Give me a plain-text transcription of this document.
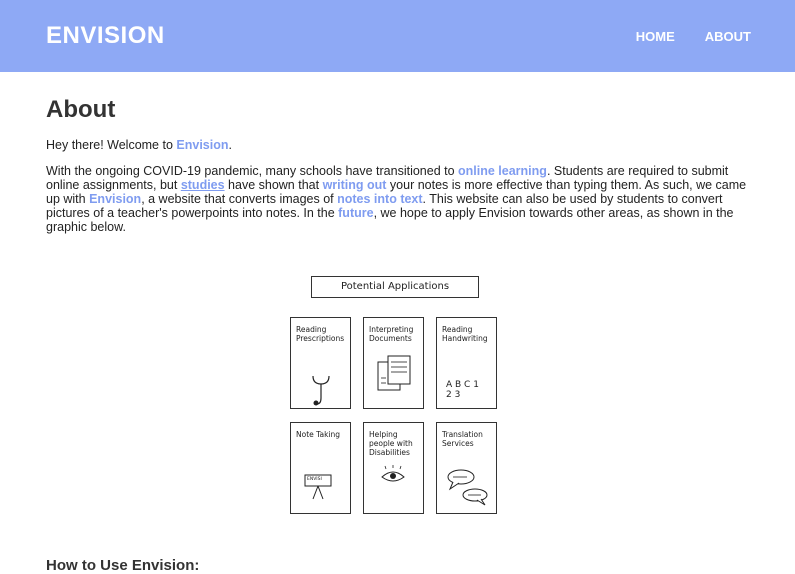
ENVISION	HOME ABOUT
About

Hey there! Welcome to Envision.

With the ongoing COVID-19 pandemic, many schools have transitioned to online learning. Students are required to submit online assignments, but studies have shown that writing out your notes is more effective than typing them. As such, we came up with Envision, a website that converts images of notes into text. This website can also be used by students to convert pictures of a teacher's powerpoints into notes. In the future, we hope to apply Envision towards other areas, as shown in the graphic below.

Potential Applications
Reading Prescriptions
Interpreting Documents
Reading Handwriting
A B C 1 2 3
Note Taking
ENVISI
Helping people with Disabilities
Translation Services
How to Use Envision:
